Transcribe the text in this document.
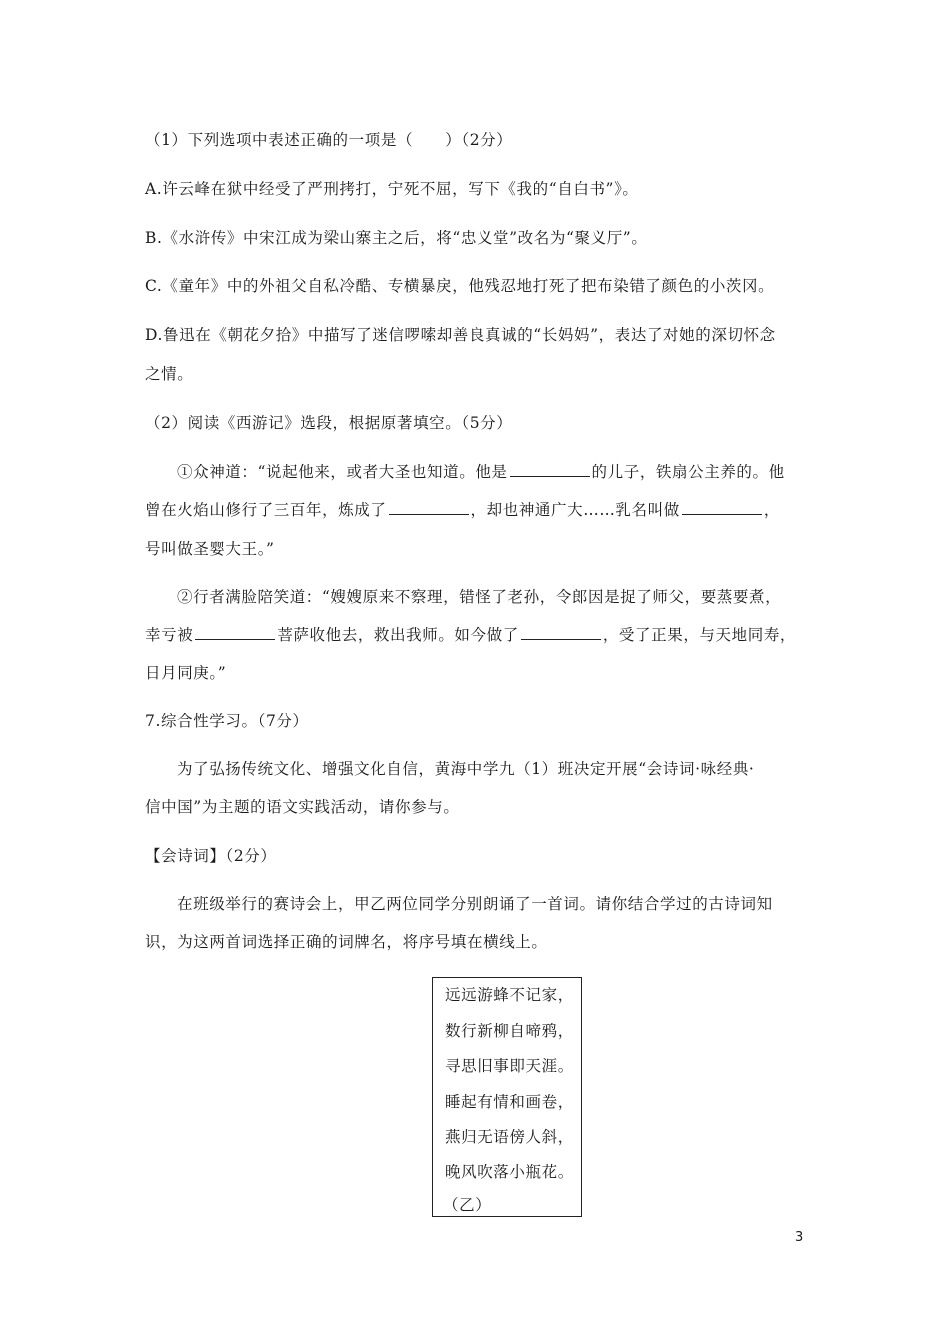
（1）下列选项中表述正确的一项是（　　）（2分）
A.许云峰在狱中经受了严刑拷打，宁死不屈，写下《我的“自白书”》。
B.《水浒传》中宋江成为梁山寨主之后，将“忠义堂”改名为“聚义厅”。
C.《童年》中的外祖父自私冷酷、专横暴戾，他残忍地打死了把布染错了颜色的小茨冈。
D.鲁迅在《朝花夕拾》中描写了迷信啰嗦却善良真诚的“长妈妈”，表达了对她的深切怀念
之情。
（2）阅读《西游记》选段，根据原著填空。（5分）
①众神道：“说起他来，或者大圣也知道。他是	的儿子，铁扇公主养的。他
曾在火焰山修行了三百年，炼成了	，却也神通广大……乳名叫做	，
号叫做圣婴大王。”
②行者满脸陪笑道：“嫂嫂原来不察理，错怪了老孙，令郎因是捉了师父，要蒸要煮，
幸亏被	菩萨收他去，救出我师。如今做了	，受了正果，与天地同寿，
日月同庚。”
7.综合性学习。（7分）
为了弘扬传统文化、增强文化自信，黄海中学九（1）班决定开展“会诗词·咏经典·
信中国”为主题的语文实践活动，请你参与。
【会诗词】（2分）
在班级举行的赛诗会上，甲乙两位同学分别朗诵了一首词。请你结合学过的古诗词知
识，为这两首词选择正确的词牌名，将序号填在横线上。
远远游蜂不记家，
数行新柳自啼鸦，
寻思旧事即天涯。
睡起有情和画卷，
燕归无语傍人斜，
晚风吹落小瓶花。
（乙）
3
